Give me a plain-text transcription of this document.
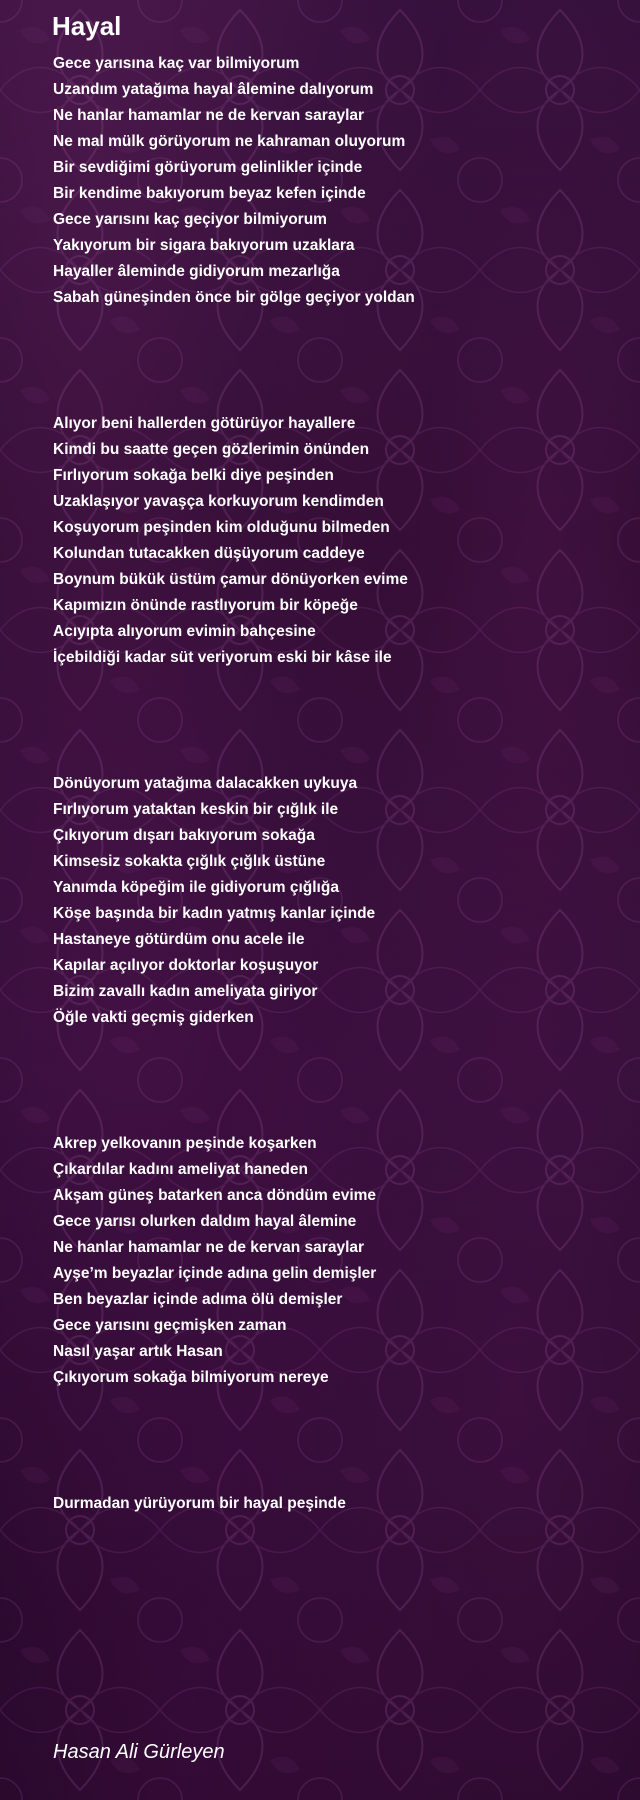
Hayal
Gece yarısına kaç var bilmiyorum
Uzandım yatağıma hayal âlemine dalıyorum
Ne hanlar hamamlar ne de kervan saraylar
Ne mal mülk görüyorum ne kahraman oluyorum
Bir sevdiğimi görüyorum gelinlikler içinde
Bir kendime bakıyorum beyaz kefen içinde
Gece yarısını kaç geçiyor bilmiyorum
Yakıyorum bir sigara bakıyorum uzaklara
Hayaller âleminde gidiyorum mezarlığa
Sabah güneşinden önce bir gölge geçiyor yoldan
Alıyor beni hallerden götürüyor hayallere
Kimdi bu saatte geçen gözlerimin önünden
Fırlıyorum sokağa belki diye peşinden
Uzaklaşıyor yavaşça korkuyorum kendimden
Koşuyorum peşinden kim olduğunu bilmeden
Kolundan tutacakken düşüyorum caddeye
Boynum bükük üstüm çamur dönüyorken evime
Kapımızın önünde rastlıyorum bir köpeğe
Acıyıpta alıyorum evimin bahçesine
İçebildiği kadar süt veriyorum eski bir kâse ile
Dönüyorum yatağıma dalacakken uykuya
Fırlıyorum yataktan keskin bir çığlık ile
Çıkıyorum dışarı bakıyorum sokağa
Kimsesiz sokakta çığlık çığlık üstüne
Yanımda köpeğim ile gidiyorum çığlığa
Köşe başında bir kadın yatmış kanlar içinde
Hastaneye götürdüm onu acele ile
Kapılar açılıyor doktorlar koşuşuyor
Bizim zavallı kadın ameliyata giriyor
Öğle vakti geçmiş giderken
Akrep yelkovanın peşinde koşarken
Çıkardılar kadını ameliyat haneden
Akşam güneş batarken anca döndüm evime
Gece yarısı olurken daldım hayal âlemine
Ne hanlar hamamlar ne de kervan saraylar
Ayşe’m beyazlar içinde adına gelin demişler
Ben beyazlar içinde adıma ölü demişler
Gece yarısını geçmişken zaman
Nasıl yaşar artık Hasan
Çıkıyorum sokağa bilmiyorum nereye
Durmadan yürüyorum bir hayal peşinde
Hasan Ali Gürleyen
